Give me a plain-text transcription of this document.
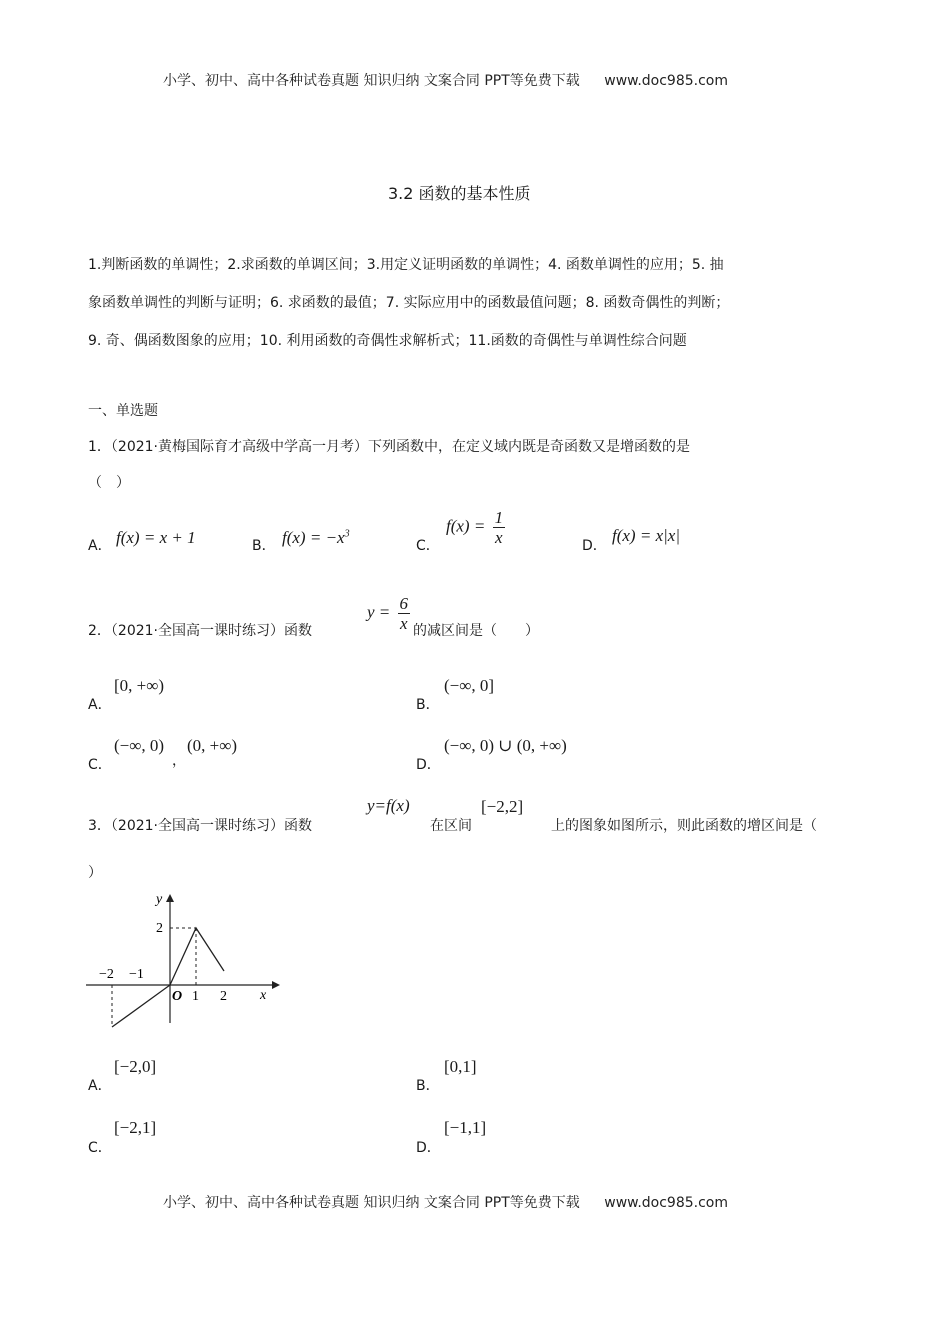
小学、初中、高中各种试卷真题 知识归纳 文案合同 PPT等免费下载 www.doc985.com
3.2 函数的基本性质
1.判断函数的单调性；2.求函数的单调区间；3.用定义证明函数的单调性；4. 函数单调性的应用；5. 抽
象函数单调性的判断与证明；6. 求函数的最值；7. 实际应用中的函数最值问题；8. 函数奇偶性的判断；
9. 奇、偶函数图象的应用；10. 利用函数的奇偶性求解析式；11.函数的奇偶性与单调性综合问题
一、单选题
1．（2021·黄梅国际育才高级中学高一月考）下列函数中，在定义域内既是奇函数又是增函数的是
（　）
A． f(x) = x + 1	B． $f(x) = -x^3$
C．
$f(x) = \frac{1}{x}$	D．
f(x) = x|x|
2．（2021·全国高一课时练习）函数
$y = \frac{6}{x}$ 的减区间是（　　）
A．
[0, +∞)
B．
(−∞, 0]
C．
(−∞, 0)
，
(0, +∞)
D．
(−∞, 0) ∪ (0, +∞)
3．（2021·全国高一课时练习）函数
y=f(x)
在区间
[−2,2]
上的图象如图所示，则此函数的增区间是（
）
y
x
O
2
−2 −1
1 2
A．
[−2,0]
B．
[0,1]
C．
[−2,1]
D．
[−1,1]
小学、初中、高中各种试卷真题 知识归纳 文案合同 PPT等免费下载 www.doc985.com
